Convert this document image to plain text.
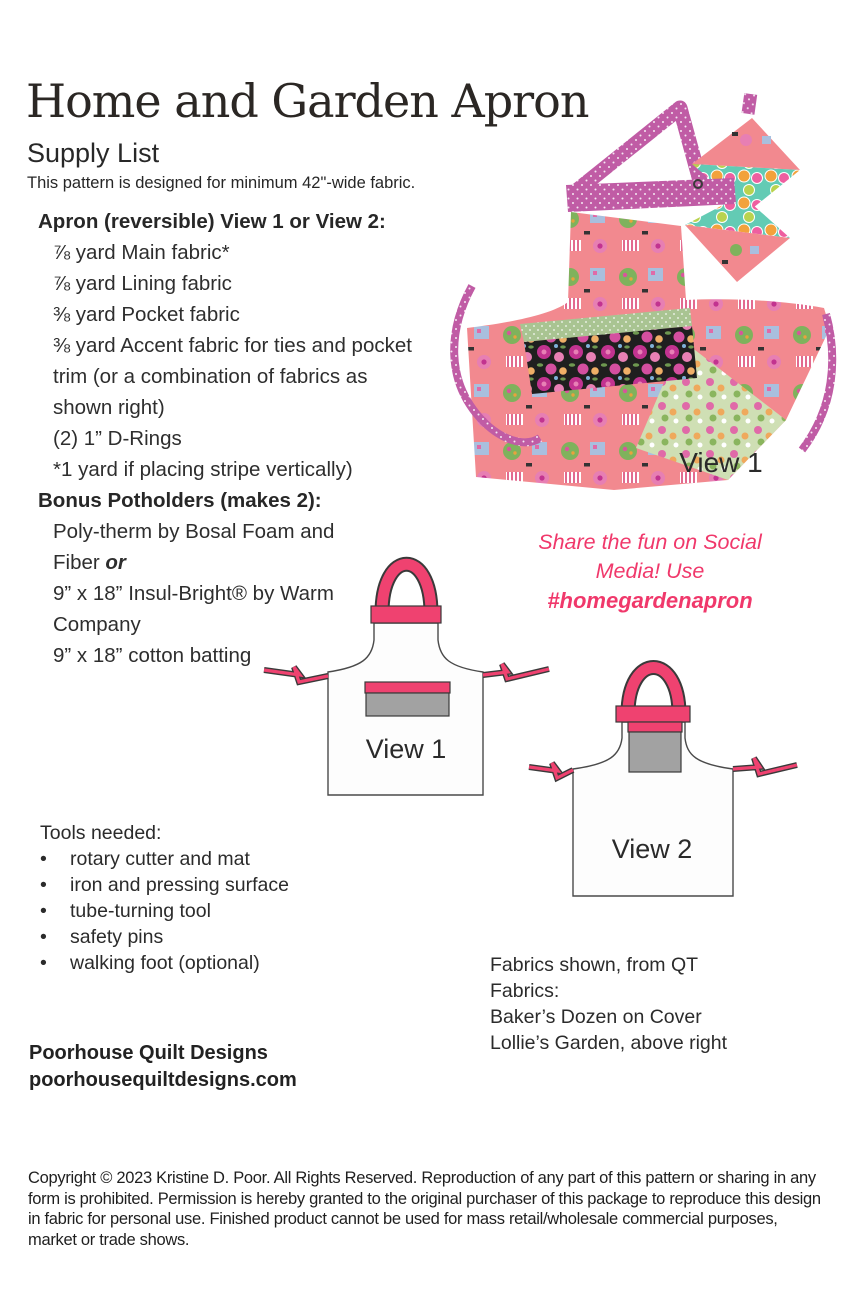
Home and Garden Apron
Supply List
This pattern is designed for minimum 42"-wide fabric.
Apron (reversible) View 1 or View 2:
⅞ yard Main fabric*
⅞ yard Lining fabric
⅜ yard Pocket fabric
⅜ yard Accent fabric for ties and pocket trim (or a combination of fabrics as shown right)
(2) 1” D-Rings
*1 yard if placing stripe vertically)
Bonus Potholders (makes 2):
Poly-therm by Bosal Foam and Fiber or
9” x 18” Insul-Bright® by Warm Company
9” x 18” cotton batting
View 1
Share the fun on Social
Media! Use
#homegardenapron
View 1
View 2
Tools needed:
•	rotary cutter and mat
•	iron and pressing surface
•	tube-turning tool
•	safety pins
•	walking foot (optional)	Fabrics shown, from QT
Fabrics:
Baker’s Dozen on Cover
Lollie’s Garden, above right
Poorhouse Quilt Designs
poorhousequiltdesigns.com
Copyright © 2023 Kristine D. Poor. All Rights Reserved. Reproduction of any part of this pattern or sharing in any form is prohibited. Permission is hereby granted to the original purchaser of this package to reproduce this design in fabric for personal use. Finished product cannot be used for mass retail/wholesale commercial purposes, market or trade shows.
